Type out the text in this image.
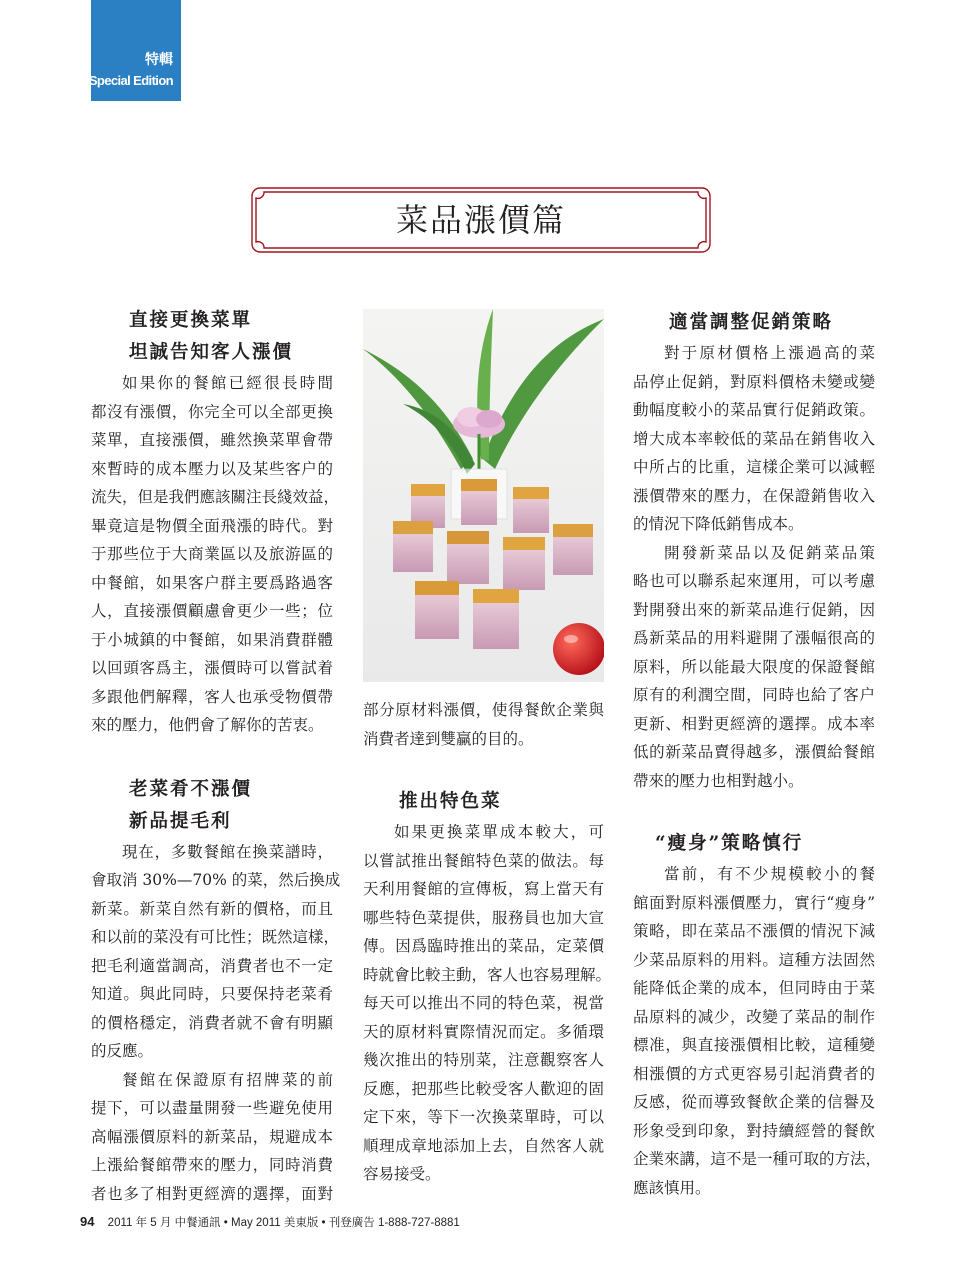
特輯
Special Edition
菜品漲價篇
直接更換菜單
坦誠告知客人漲價

如果你的餐館已經很長時間

都沒有漲價，你完全可以全部更換

菜單，直接漲價，雖然換菜單會帶

來暫時的成本壓力以及某些客户的

流失，但是我們應該關注長綫效益，

畢竟這是物價全面飛漲的時代。對

于那些位于大商業區以及旅游區的

中餐館，如果客户群主要爲路過客

人，直接漲價顧慮會更少一些；位

于小城鎮的中餐館，如果消費群體

以回頭客爲主，漲價時可以嘗試着

多跟他們解釋，客人也承受物價帶

來的壓力，他們會了解你的苦衷。

老菜肴不漲價
新品提毛利

現在，多數餐館在換菜譜時，

會取消 30%—70% 的菜，然后換成

新菜。新菜自然有新的價格，而且

和以前的菜没有可比性；既然這樣，

把毛利適當調高，消費者也不一定

知道。與此同時，只要保持老菜肴

的價格穩定，消費者就不會有明顯

的反應。

餐館在保證原有招牌菜的前

提下，可以盡量開發一些避免使用

高幅漲價原料的新菜品，規避成本

上漲給餐館帶來的壓力，同時消費

者也多了相對更經濟的選擇，面對

部分原材料漲價，使得餐飲企業與

消費者達到雙贏的目的。

推出特色菜

如果更換菜單成本較大，可

以嘗試推出餐館特色菜的做法。每

天利用餐館的宣傳板，寫上當天有

哪些特色菜提供，服務員也加大宣

傳。因爲臨時推出的菜品，定菜價

時就會比較主動，客人也容易理解。

每天可以推出不同的特色菜，視當

天的原材料實際情況而定。多循環

幾次推出的特別菜，注意觀察客人

反應，把那些比較受客人歡迎的固

定下來，等下一次換菜單時，可以

順理成章地添加上去，自然客人就

容易接受。

適當調整促銷策略

對于原材價格上漲過高的菜

品停止促銷，對原料價格未變或變

動幅度較小的菜品實行促銷政策。

增大成本率較低的菜品在銷售收入

中所占的比重，這樣企業可以減輕

漲價帶來的壓力，在保證銷售收入

的情況下降低銷售成本。

開發新菜品以及促銷菜品策

略也可以聯系起來運用，可以考慮

對開發出來的新菜品進行促銷，因

爲新菜品的用料避開了漲幅很高的

原料，所以能最大限度的保證餐館

原有的利潤空間，同時也給了客户

更新、相對更經濟的選擇。成本率

低的新菜品賣得越多，漲價給餐館

帶來的壓力也相對越小。

“瘦身”策略慎行

當前，有不少規模較小的餐

館面對原料漲價壓力，實行“瘦身”

策略，即在菜品不漲價的情況下減

少菜品原料的用料。這種方法固然

能降低企業的成本，但同時由于菜

品原料的减少，改變了菜品的制作

標准，與直接漲價相比較，這種變

相漲價的方式更容易引起消費者的

反感，從而導致餐飲企業的信譽及

形象受到印象，對持續經營的餐飲

企業來講，這不是一種可取的方法，

應該慎用。

94 2011 年 5 月 中餐通訊 • May 2011 美東版 • 刊登廣告 1-888-727-8881
